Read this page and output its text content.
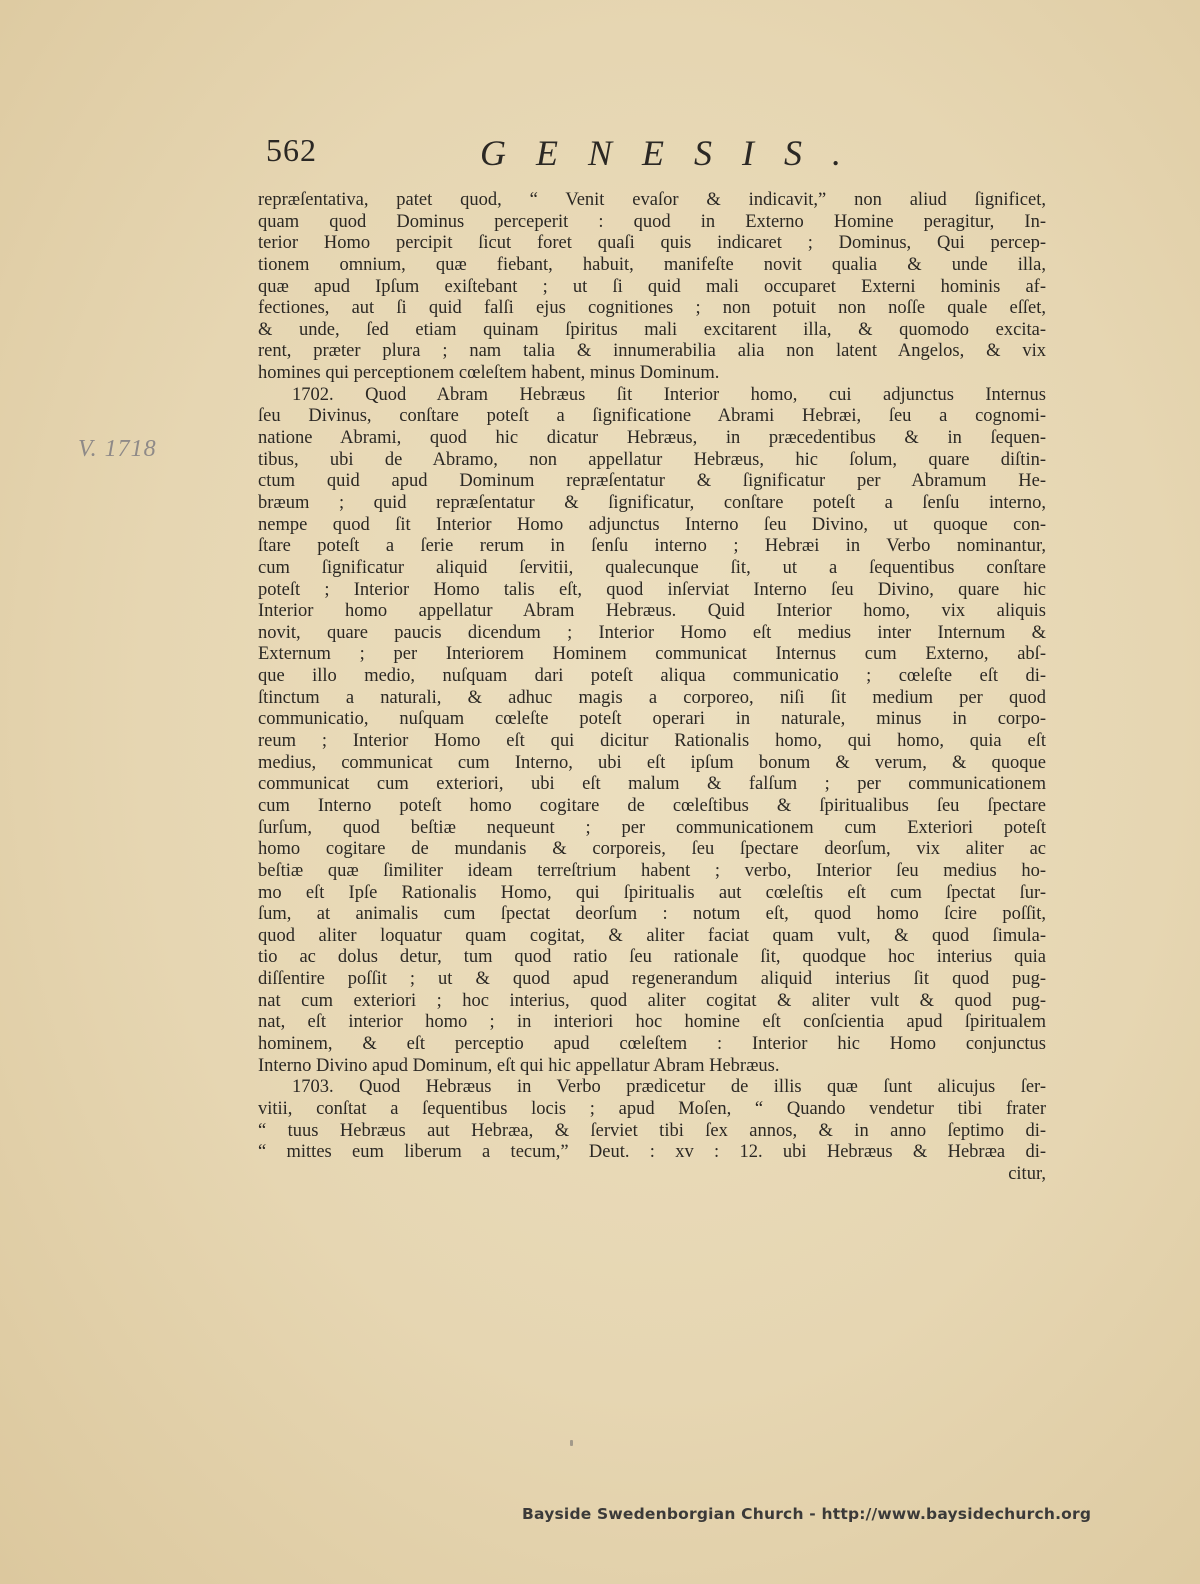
562	GENESIS.
V. 1718
repræſentativa, patet quod, “ Venit evaſor & indicavit,” non aliud ſignificet,
quam quod Dominus perceperit : quod in Externo Homine peragitur, In-
terior Homo percipit ſicut foret quaſi quis indicaret ; Dominus, Qui percep-
tionem omnium, quæ fiebant, habuit, manifeſte novit qualia & unde illa,
quæ apud Ipſum exiſtebant ; ut ſi quid mali occuparet Externi hominis af-
fectiones, aut ſi quid falſi ejus cognitiones ; non potuit non noſſe quale eſſet,
& unde, ſed etiam quinam ſpiritus mali excitarent illa, & quomodo excita-
rent, præter plura ; nam talia & innumerabilia alia non latent Angelos, & vix
homines qui perceptionem cœleſtem habent, minus Dominum.
1702. Quod Abram Hebræus ſit Interior homo, cui adjunctus Internus
ſeu Divinus, conſtare poteſt a ſignificatione Abrami Hebræi, ſeu a cognomi-
natione Abrami, quod hic dicatur Hebræus, in præcedentibus & in ſequen-
tibus, ubi de Abramo, non appellatur Hebræus, hic ſolum, quare diſtin-
ctum quid apud Dominum repræſentatur & ſignificatur per Abramum He-
bræum ; quid repræſentatur & ſignificatur, conſtare poteſt a ſenſu interno,
nempe quod ſit Interior Homo adjunctus Interno ſeu Divino, ut quoque con-
ſtare poteſt a ſerie rerum in ſenſu interno ; Hebræi in Verbo nominantur,
cum ſignificatur aliquid ſervitii, qualecunque ſit, ut a ſequentibus conſtare
poteſt ; Interior Homo talis eſt, quod inſerviat Interno ſeu Divino, quare hic
Interior homo appellatur Abram Hebræus. Quid Interior homo, vix aliquis
novit, quare paucis dicendum ; Interior Homo eſt medius inter Internum &
Externum ; per Interiorem Hominem communicat Internus cum Externo, abſ-
que illo medio, nuſquam dari poteſt aliqua communicatio ; cœleſte eſt di-
ſtinctum a naturali, & adhuc magis a corporeo, niſi ſit medium per quod
communicatio, nuſquam cœleſte poteſt operari in naturale, minus in corpo-
reum ; Interior Homo eſt qui dicitur Rationalis homo, qui homo, quia eſt
medius, communicat cum Interno, ubi eſt ipſum bonum & verum, & quoque
communicat cum exteriori, ubi eſt malum & falſum ; per communicationem
cum Interno poteſt homo cogitare de cœleſtibus & ſpiritualibus ſeu ſpectare
ſurſum, quod beſtiæ nequeunt ; per communicationem cum Exteriori poteſt
homo cogitare de mundanis & corporeis, ſeu ſpectare deorſum, vix aliter ac
beſtiæ quæ ſimiliter ideam terreſtrium habent ; verbo, Interior ſeu medius ho-
mo eſt Ipſe Rationalis Homo, qui ſpiritualis aut cœleſtis eſt cum ſpectat ſur-
ſum, at animalis cum ſpectat deorſum : notum eſt, quod homo ſcire poſſit,
quod aliter loquatur quam cogitat, & aliter faciat quam vult, & quod ſimula-
tio ac dolus detur, tum quod ratio ſeu rationale ſit, quodque hoc interius quia
diſſentire poſſit ; ut & quod apud regenerandum aliquid interius ſit quod pug-
nat cum exteriori ; hoc interius, quod aliter cogitat & aliter vult & quod pug-
nat, eſt interior homo ; in interiori hoc homine eſt conſcientia apud ſpiritualem
hominem, & eſt perceptio apud cœleſtem : Interior hic Homo conjunctus
Interno Divino apud Dominum, eſt qui hic appellatur Abram Hebræus.
1703. Quod Hebræus in Verbo prædicetur de illis quæ ſunt alicujus ſer-
vitii, conſtat a ſequentibus locis ; apud Moſen, “ Quando vendetur tibi frater
“ tuus Hebræus aut Hebræa, & ſerviet tibi ſex annos, & in anno ſeptimo di-
“ mittes eum liberum a tecum,” Deut. : xv : 12. ubi Hebræus & Hebræa di-
citur,
Bayside Swedenborgian Church - http://www.baysidechurch.org
